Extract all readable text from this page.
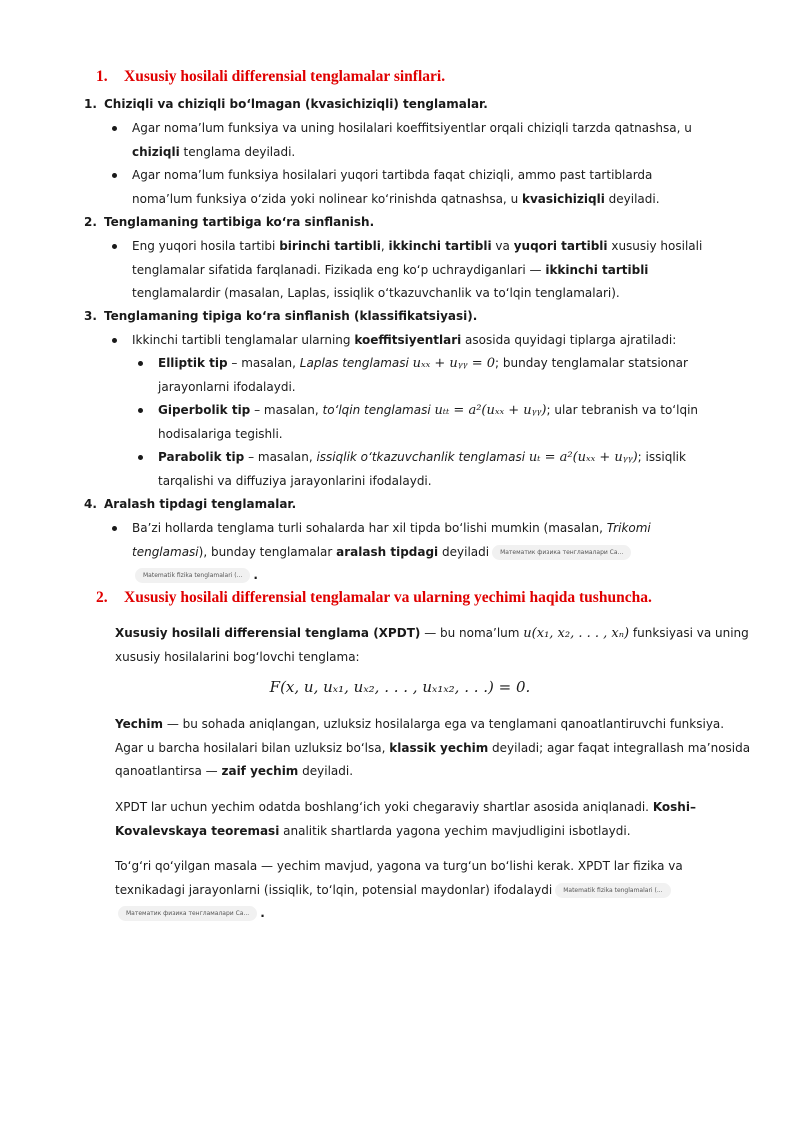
1. Xususiy hosilali differensial tenglamalar sinflari.
1. Chiziqli va chiziqli bo‘lmagan (kvasichiziqli) tenglamalar.
Agar noma’lum funksiya va uning hosilalari koeffitsiyentlar orqali chiziqli tarzda qatnashsa, u chiziqli tenglama deyiladi.
Agar noma’lum funksiya hosilalari yuqori tartibda faqat chiziqli, ammo past tartiblarda noma’lum funksiya o‘zida yoki nolinear ko‘rinishda qatnashsa, u kvasichiziqli deyiladi.
2. Tenglamaning tartibiga ko‘ra sinflanish.
Eng yuqori hosila tartibi birinchi tartibli, ikkinchi tartibli va yuqori tartibli xususiy hosilali tenglamalar sifatida farqlanadi. Fizikada eng ko‘p uchraydiganlari — ikkinchi tartibli tenglamalardir (masalan, Laplas, issiqlik o‘tkazuvchanlik va to‘lqin tenglamalari).
3. Tenglamaning tipiga ko‘ra sinflanish (klassifikatsiyasi).
Ikkinchi tartibli tenglamalar ularning koeffitsiyentlari asosida quyidagi tiplarga ajratiladi:
Elliptik tip – masalan, Laplas tenglamasi uₓₓ + uᵧᵧ = 0; bunday tenglamalar statsionar jarayonlarni ifodalaydi.
Giperbolik tip – masalan, to‘lqin tenglamasi uₜₜ = a²(uₓₓ + uᵧᵧ); ular tebranish va to‘lqin hodisalariga tegishli.
Parabolik tip – masalan, issiqlik o‘tkazuvchanlik tenglamasi uₜ = a²(uₓₓ + uᵧᵧ); issiqlik tarqalishi va diffuziya jarayonlarini ifodalaydi.
4. Aralash tipdagi tenglamalar.
Ba’zi hollarda tenglama turli sohalarda har xil tipda bo‘lishi mumkin (masalan, Trikomi tenglamasi), bunday tenglamalar aralash tipdagi deyiladi Математик физика тенгламалари Ca...Matematik fizika tenglamalari (... .
2. Xususiy hosilali differensial tenglamalar va ularning yechimi haqida tushuncha.
Xususiy hosilali differensial tenglama (XPDT) — bu noma’lum u(x₁, x₂, . . . , xₙ) funksiyasi va uning xususiy hosilalarini bog‘lovchi tenglama:
F(x, u, uₓ₁, uₓ₂, . . . , uₓ₁ₓ₂, . . .) = 0.
Yechim — bu sohada aniqlangan, uzluksiz hosilalarga ega va tenglamani qanoatlantiruvchi funksiya. Agar u barcha hosilalari bilan uzluksiz bo‘lsa, klassik yechim deyiladi; agar faqat integrallash ma’nosida qanoatlantirsa — zaif yechim deyiladi.
XPDT lar uchun yechim odatda boshlang‘ich yoki chegaraviy shartlar asosida aniqlanadi. Koshi–Kovalevskaya teoremasi analitik shartlarda yagona yechim mavjudligini isbotlaydi.
To‘g‘ri qo‘yilgan masala — yechim mavjud, yagona va turg‘un bo‘lishi kerak. XPDT lar fizika va texnikadagi jarayonlarni (issiqlik, to‘lqin, potensial maydonlar) ifodalaydi Matematik fizika tenglamalari (...Математик физика тенгламалари Ca... .
